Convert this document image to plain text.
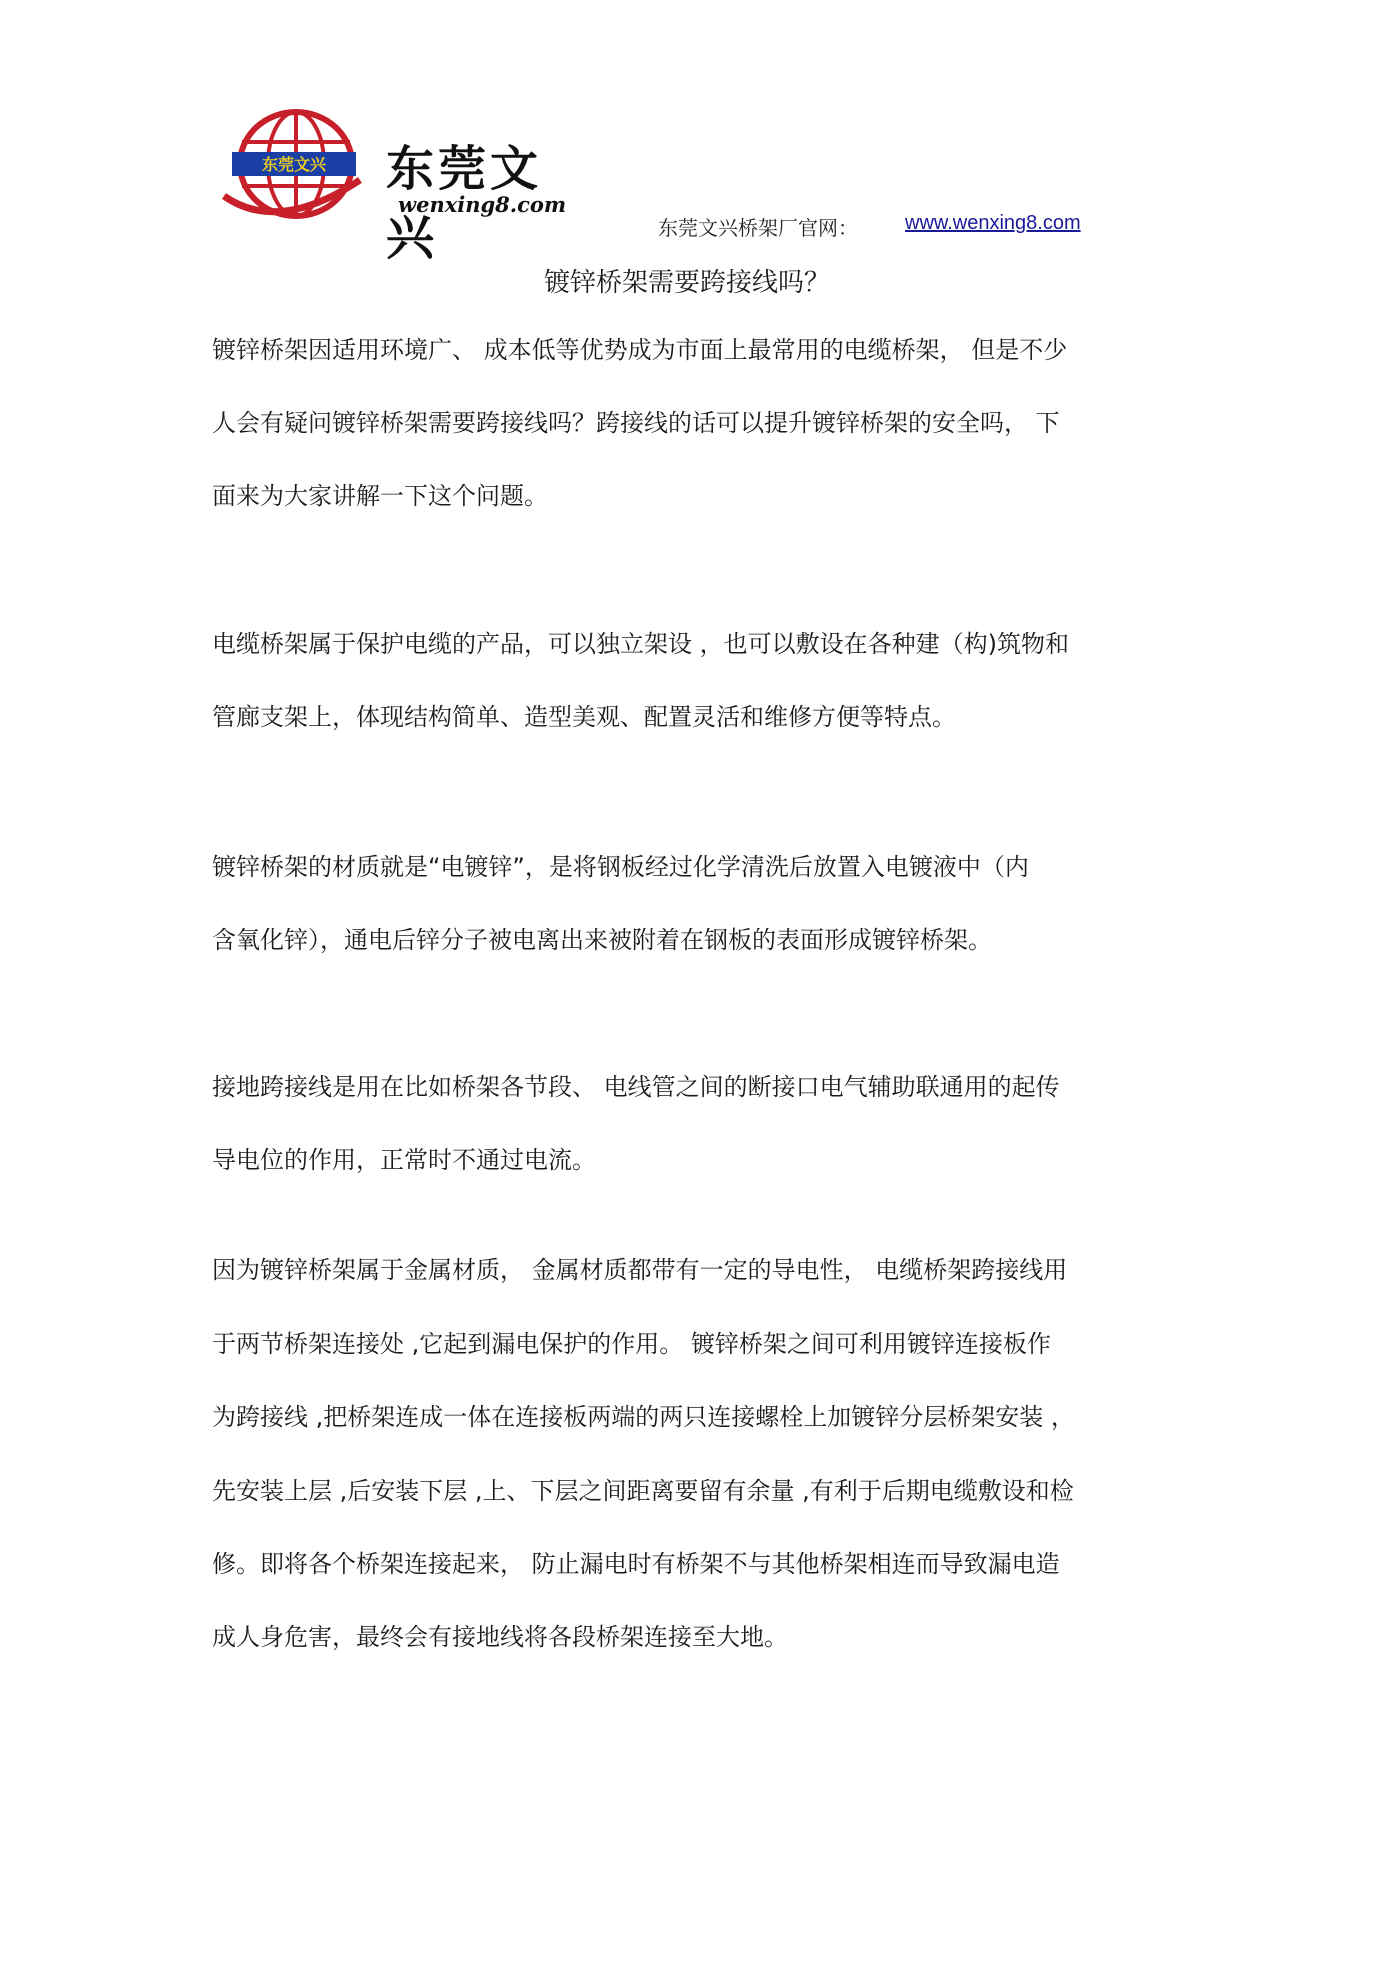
东莞文兴 东莞文兴
wenxing8.com
东莞文兴桥架厂官网： www.wenxing8.com
镀锌桥架需要跨接线吗？
镀锌桥架因适用环境广、 成本低等优势成为市面上最常用的电缆桥架， 但是不少
人会有疑问镀锌桥架需要跨接线吗？跨接线的话可以提升镀锌桥架的安全吗， 下
面来为大家讲解一下这个问题。
电缆桥架属于保护电缆的产品，可以独立架设 ，也可以敷设在各种建（构)筑物和
管廊支架上，体现结构简单、造型美观、配置灵活和维修方便等特点。
镀锌桥架的材质就是“电镀锌”，是将钢板经过化学清洗后放置入电镀液中（内
含氧化锌），通电后锌分子被电离出来被附着在钢板的表面形成镀锌桥架。
接地跨接线是用在比如桥架各节段、 电线管之间的断接口电气辅助联通用的起传
导电位的作用，正常时不通过电流。
因为镀锌桥架属于金属材质， 金属材质都带有一定的导电性， 电缆桥架跨接线用
于两节桥架连接处 ,它起到漏电保护的作用。 镀锌桥架之间可利用镀锌连接板作
为跨接线 ,把桥架连成一体在连接板两端的两只连接螺栓上加镀锌分层桥架安装 ，
先安装上层 ,后安装下层 ,上、下层之间距离要留有余量 ,有利于后期电缆敷设和检
修。即将各个桥架连接起来， 防止漏电时有桥架不与其他桥架相连而导致漏电造
成人身危害，最终会有接地线将各段桥架连接至大地。
